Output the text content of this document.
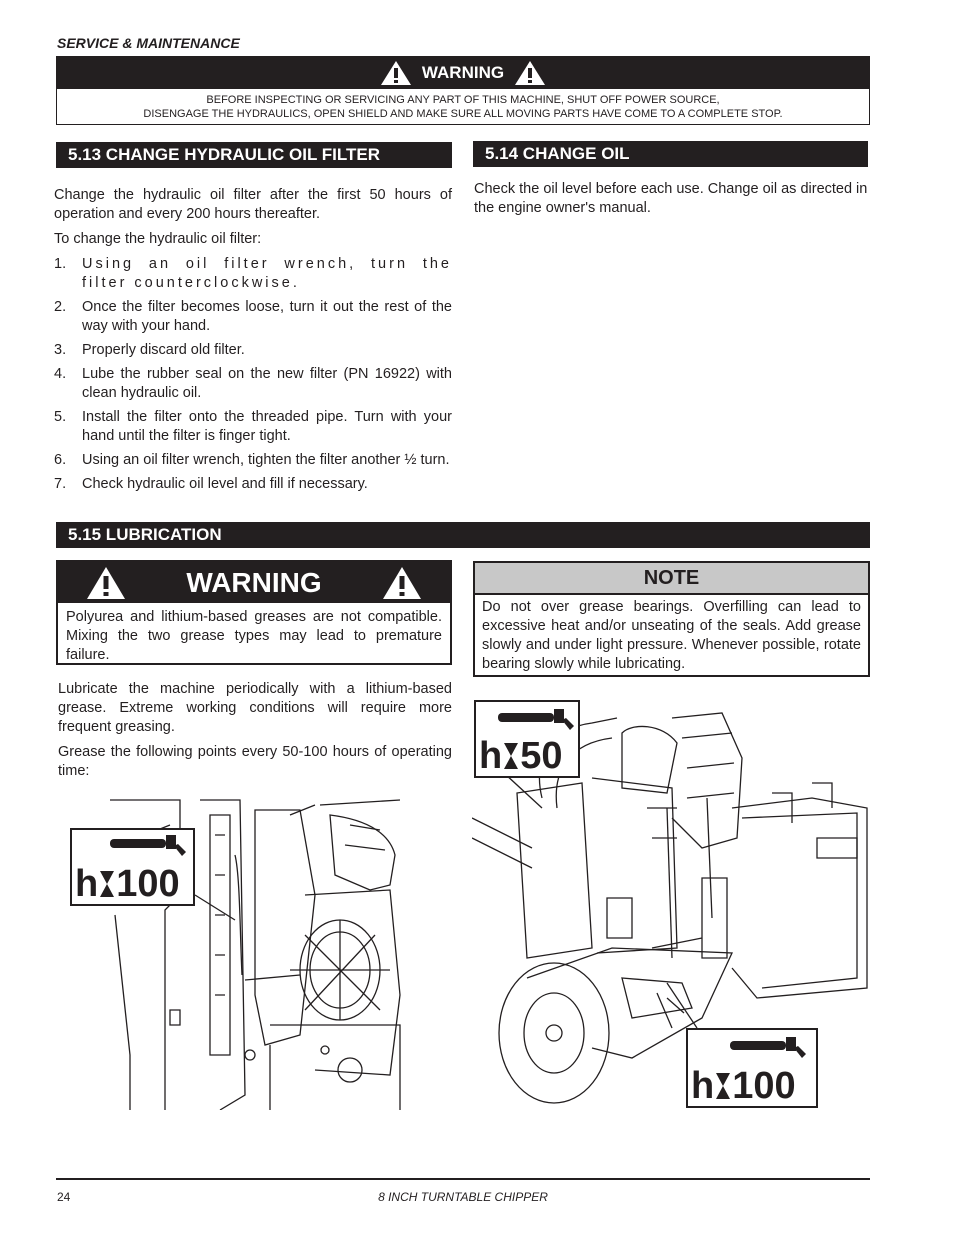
SERVICE & MAINTENANCE
WARNING
BEFORE INSPECTING OR SERVICING ANY PART OF THIS MACHINE, SHUT OFF POWER SOURCE,
DISENGAGE THE HYDRAULICS, OPEN SHIELD AND MAKE SURE ALL MOVING PARTS HAVE COME TO A COMPLETE STOP.
5.13 CHANGE HYDRAULIC OIL FILTER
Change the hydraulic oil filter after the first 50 hours of operation and every 200 hours thereafter.
To change the hydraulic oil filter:
1.	Using an oil filter wrench, turn the filter counterclockwise.
2.	Once the filter becomes loose, turn it out the rest of the way with your hand.
3.	Properly discard old filter.
4.	Lube the rubber seal on the new filter (PN 16922) with clean hydraulic oil.
5.	Install the filter onto the threaded pipe. Turn with your hand until the filter is finger tight.
6.	Using an oil filter wrench, tighten the filter another ½ turn.
7.	Check hydraulic oil level and fill if necessary.
5.14 CHANGE OIL
Check the oil level before each use. Change oil as directed in the engine owner's manual.
5.15 LUBRICATION
WARNING
Polyurea and lithium-based greases are not compatible. Mixing the two grease types may lead to premature failure.
NOTE
Do not over grease bearings. Overfilling can lead to excessive heat and/or unseating of the seals. Add grease slowly and under light pressure. Whenever possible, rotate bearing slowly while lubricating.
Lubricate the machine periodically with a lithium-based grease. Extreme working conditions will require more frequent greasing.
Grease the following points every 50-100 hours of operating time:
h 100
h 50
h 100
24	8 INCH TURNTABLE CHIPPER
